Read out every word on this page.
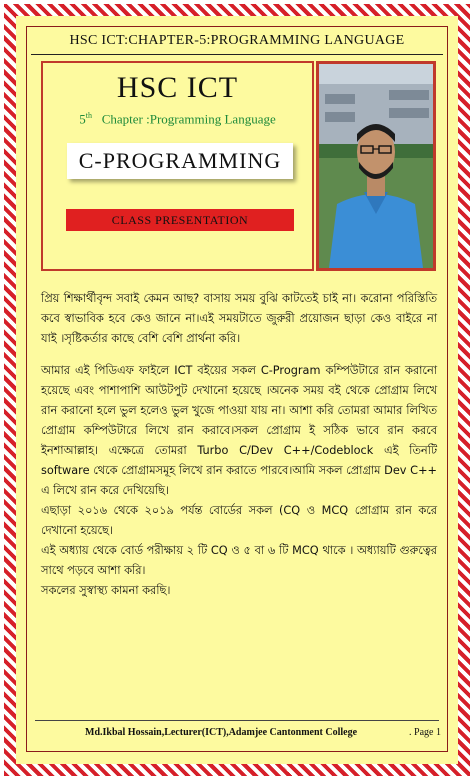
HSC ICT:CHAPTER-5:PROGRAMMING LANGUAGE
HSC ICT
5th Chapter :Programming Language
C-PROGRAMMING
CLASS PRESENTATION

প্রিয় শিক্ষার্থীবৃন্দ সবাই কেমন আছ? বাসায় সময় বুঝি কাটতেই চাই না। করোনা পরিস্তিতি কবে স্বাভাবিক হবে কেও জানে না।এই সময়টাতে জুরুরী প্রয়োজন ছাড়া কেও বাইরে না যাই ।সৃষ্টিকর্তার কাছে বেশি বেশি প্রার্থনা করি।

আমার এই পিডিএফ ফাইলে ICT বইয়ের সকল C-Program কম্পিউটারে রান করানো হয়েছে এবং পাশাপাশি আউটপুট দেখানো হয়েছে ।অনেক সময় বই থেকে প্রোগ্রাম লিখে রান করানো হলে ভুল হলেও ভুল খুজে পাওয়া যায় না। আশা করি তোমরা আমার লিখিত প্রোগ্রাম কম্পিউটারে লিখে রান করাবে।সকল প্রোগ্রাম ই সঠিক ভাবে রান করবে ইনশাআল্লাহ। এক্ষেত্রে তোমরা Turbo C/Dev C++/Codeblock এই তিনটি software থেকে প্রোগ্রামসমূহ লিখে রান করাতে পারবে।আমি সকল প্রোগ্রাম Dev C++ এ লিখে রান করে দেখিয়েছি।

এছাড়া ২০১৬ থেকে ২০১৯ পর্যন্ত বোর্ডের সকল (CQ ও MCQ প্রোগ্রাম রান করে দেখানো হয়েছে।

এই অধ্যায় থেকে বোর্ড পরীক্ষায় ২ টি CQ ও ৫ বা ৬ টি MCQ থাকে । অধ্যায়টি গুরুত্বের সাথে পড়বে আশা করি।

সকলের সুস্বাস্থ্য কামনা করছি।

Md.Ikbal Hossain,Lecturer(ICT),Adamjee Cantonment College	. Page 1
